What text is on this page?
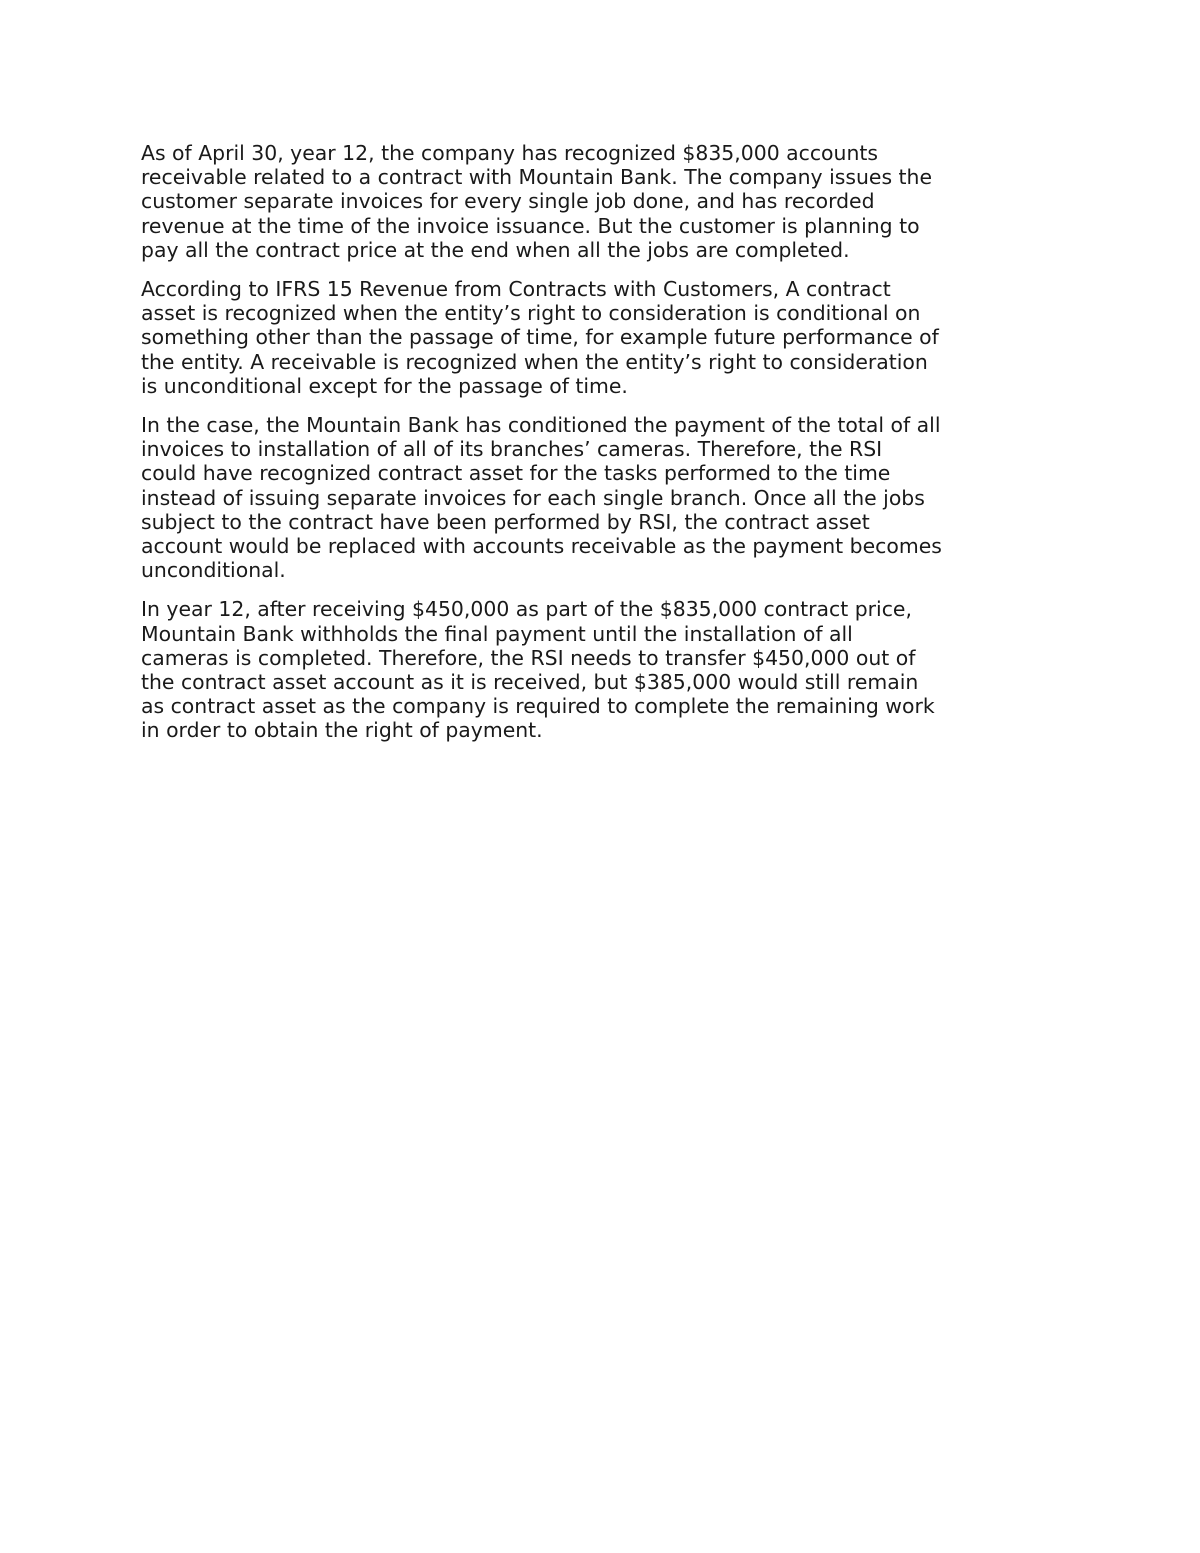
As of April 30, year 12, the company has recognized $835,000 accounts
receivable related to a contract with Mountain Bank. The company issues the
customer separate invoices for every single job done, and has recorded
revenue at the time of the invoice issuance. But the customer is planning to
pay all the contract price at the end when all the jobs are completed.

According to IFRS 15 Revenue from Contracts with Customers, A contract
asset is recognized when the entity’s right to consideration is conditional on
something other than the passage of time, for example future performance of
the entity. A receivable is recognized when the entity’s right to consideration
is unconditional except for the passage of time.

In the case, the Mountain Bank has conditioned the payment of the total of all
invoices to installation of all of its branches’ cameras. Therefore, the RSI
could have recognized contract asset for the tasks performed to the time
instead of issuing separate invoices for each single branch. Once all the jobs
subject to the contract have been performed by RSI, the contract asset
account would be replaced with accounts receivable as the payment becomes
unconditional.

In year 12, after receiving $450,000 as part of the $835,000 contract price,
Mountain Bank withholds the final payment until the installation of all
cameras is completed. Therefore, the RSI needs to transfer $450,000 out of
the contract asset account as it is received, but $385,000 would still remain
as contract asset as the company is required to complete the remaining work
in order to obtain the right of payment.
